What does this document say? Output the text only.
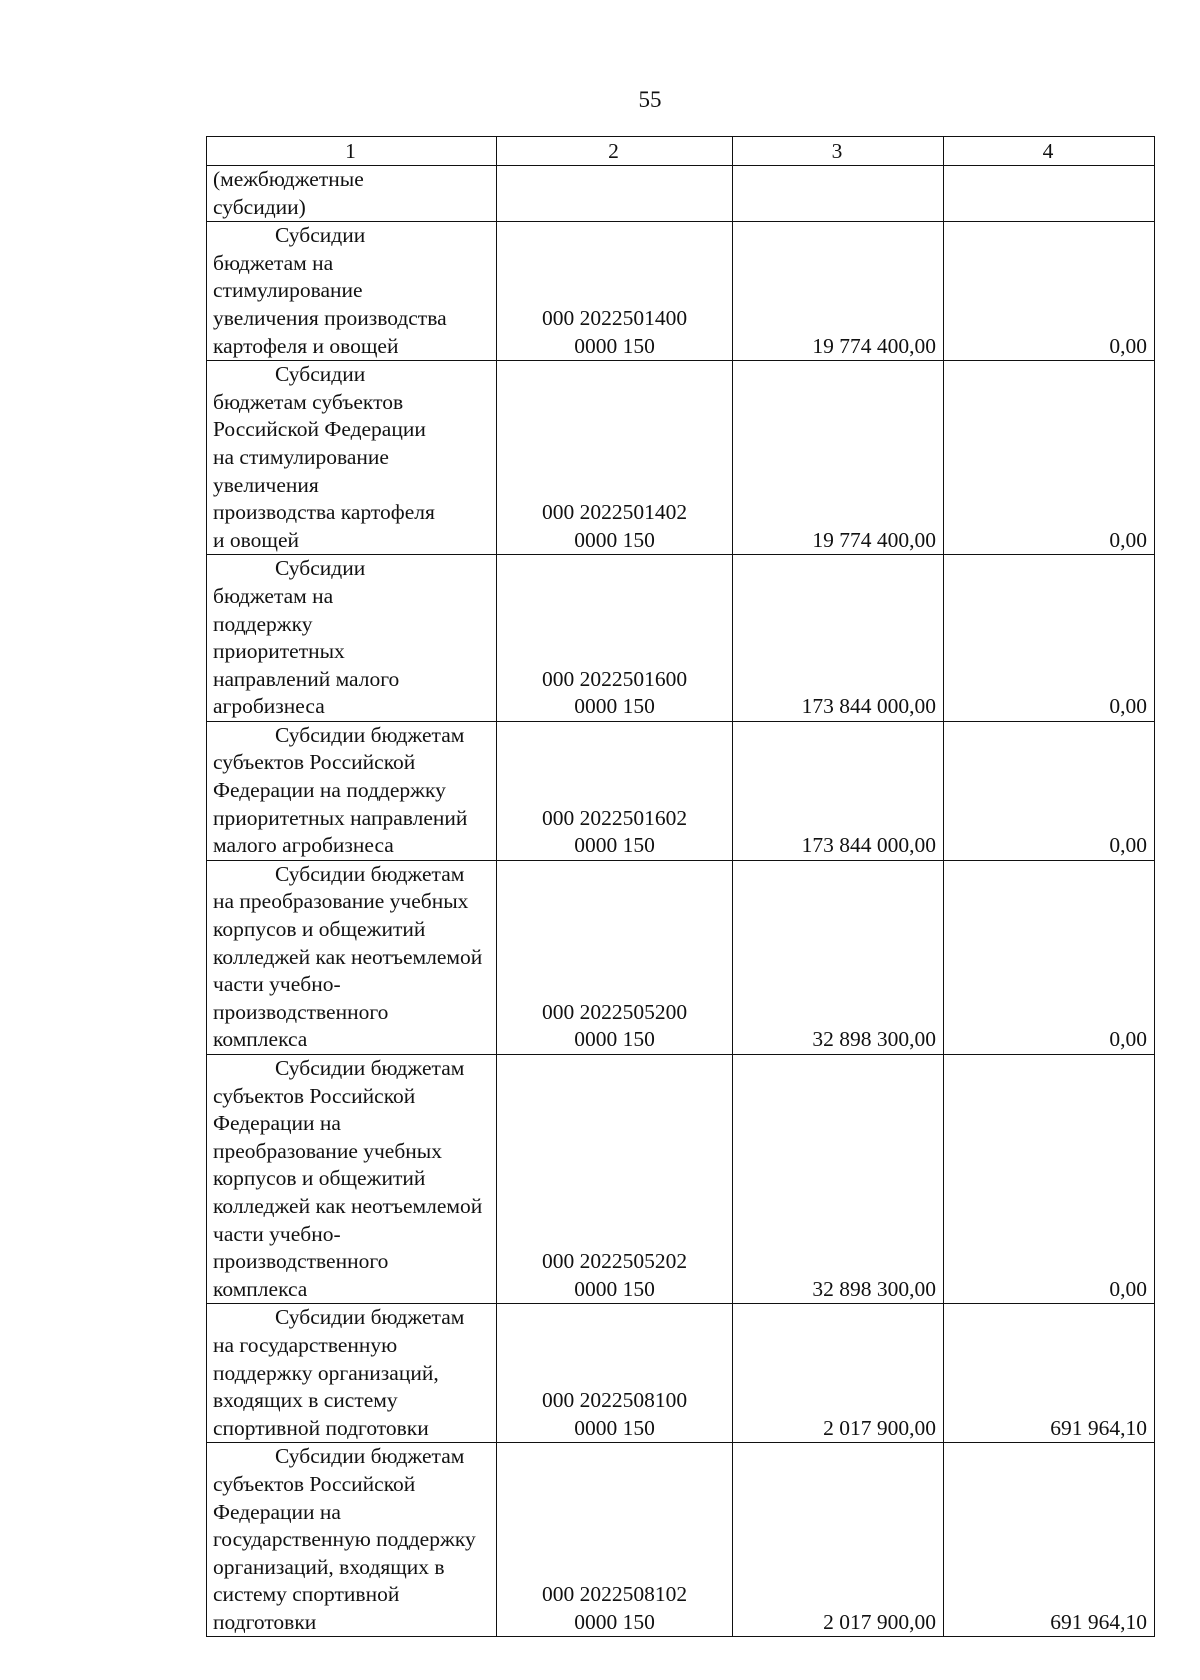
55
1	2	3	4
(межбюджетные субсидии)			

Субсидии бюджетам на стимулирование увеличения производства картофеля и овощей	000 2022501400
0000 150	19 774 400,00	0,00

Субсидии бюджетам субъектов Российской Федерации на стимулирование увеличения производства картофеля и овощей	000 2022501402
0000 150	19 774 400,00	0,00

Субсидии бюджетам на поддержку приоритетных направлений малого агробизнеса	000 2022501600
0000 150	173 844 000,00	0,00

Субсидии бюджетам субъектов Российской Федерации на поддержку приоритетных направлений малого агробизнеса	000 2022501602
0000 150	173 844 000,00	0,00

Субсидии бюджетам на преобразование учебных корпусов и общежитий колледжей как неотъемлемой части учебно-производственного комплекса	000 2022505200
0000 150	32 898 300,00	0,00

Субсидии бюджетам субъектов Российской Федерации на преобразование учебных корпусов и общежитий колледжей как неотъемлемой части учебно-производственного комплекса	000 2022505202
0000 150	32 898 300,00	0,00

Субсидии бюджетам на государственную поддержку организаций, входящих в систему спортивной подготовки	000 2022508100
0000 150	2 017 900,00	691 964,10

Субсидии бюджетам субъектов Российской Федерации на государственную поддержку организаций, входящих в систему спортивной подготовки	000 2022508102
0000 150	2 017 900,00	691 964,10
